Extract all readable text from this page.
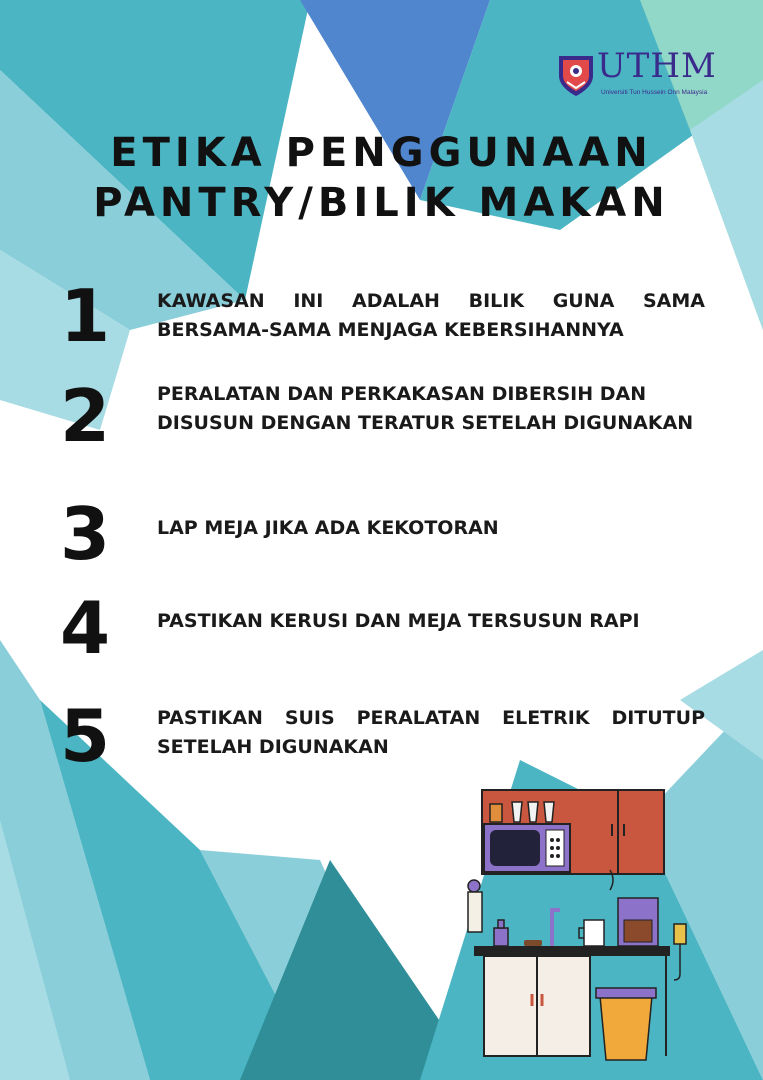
UTHM
Universiti Tun Hussein Onn Malaysia
ETIKA PENGGUNAAN
PANTRY/BILIK MAKAN
1	KAWASAN INI ADALAH BILIK GUNA SAMA BERSAMA-SAMA MENJAGA KEBERSIHANNYA
2	PERALATAN DAN PERKAKASAN DIBERSIH DAN DISUSUN DENGAN TERATUR SETELAH DIGUNAKAN
3	LAP MEJA JIKA ADA KEKOTORAN
4	PASTIKAN KERUSI DAN MEJA TERSUSUN RAPI
5	PASTIKAN SUIS PERALATAN ELETRIK DITUTUP SETELAH DIGUNAKAN
